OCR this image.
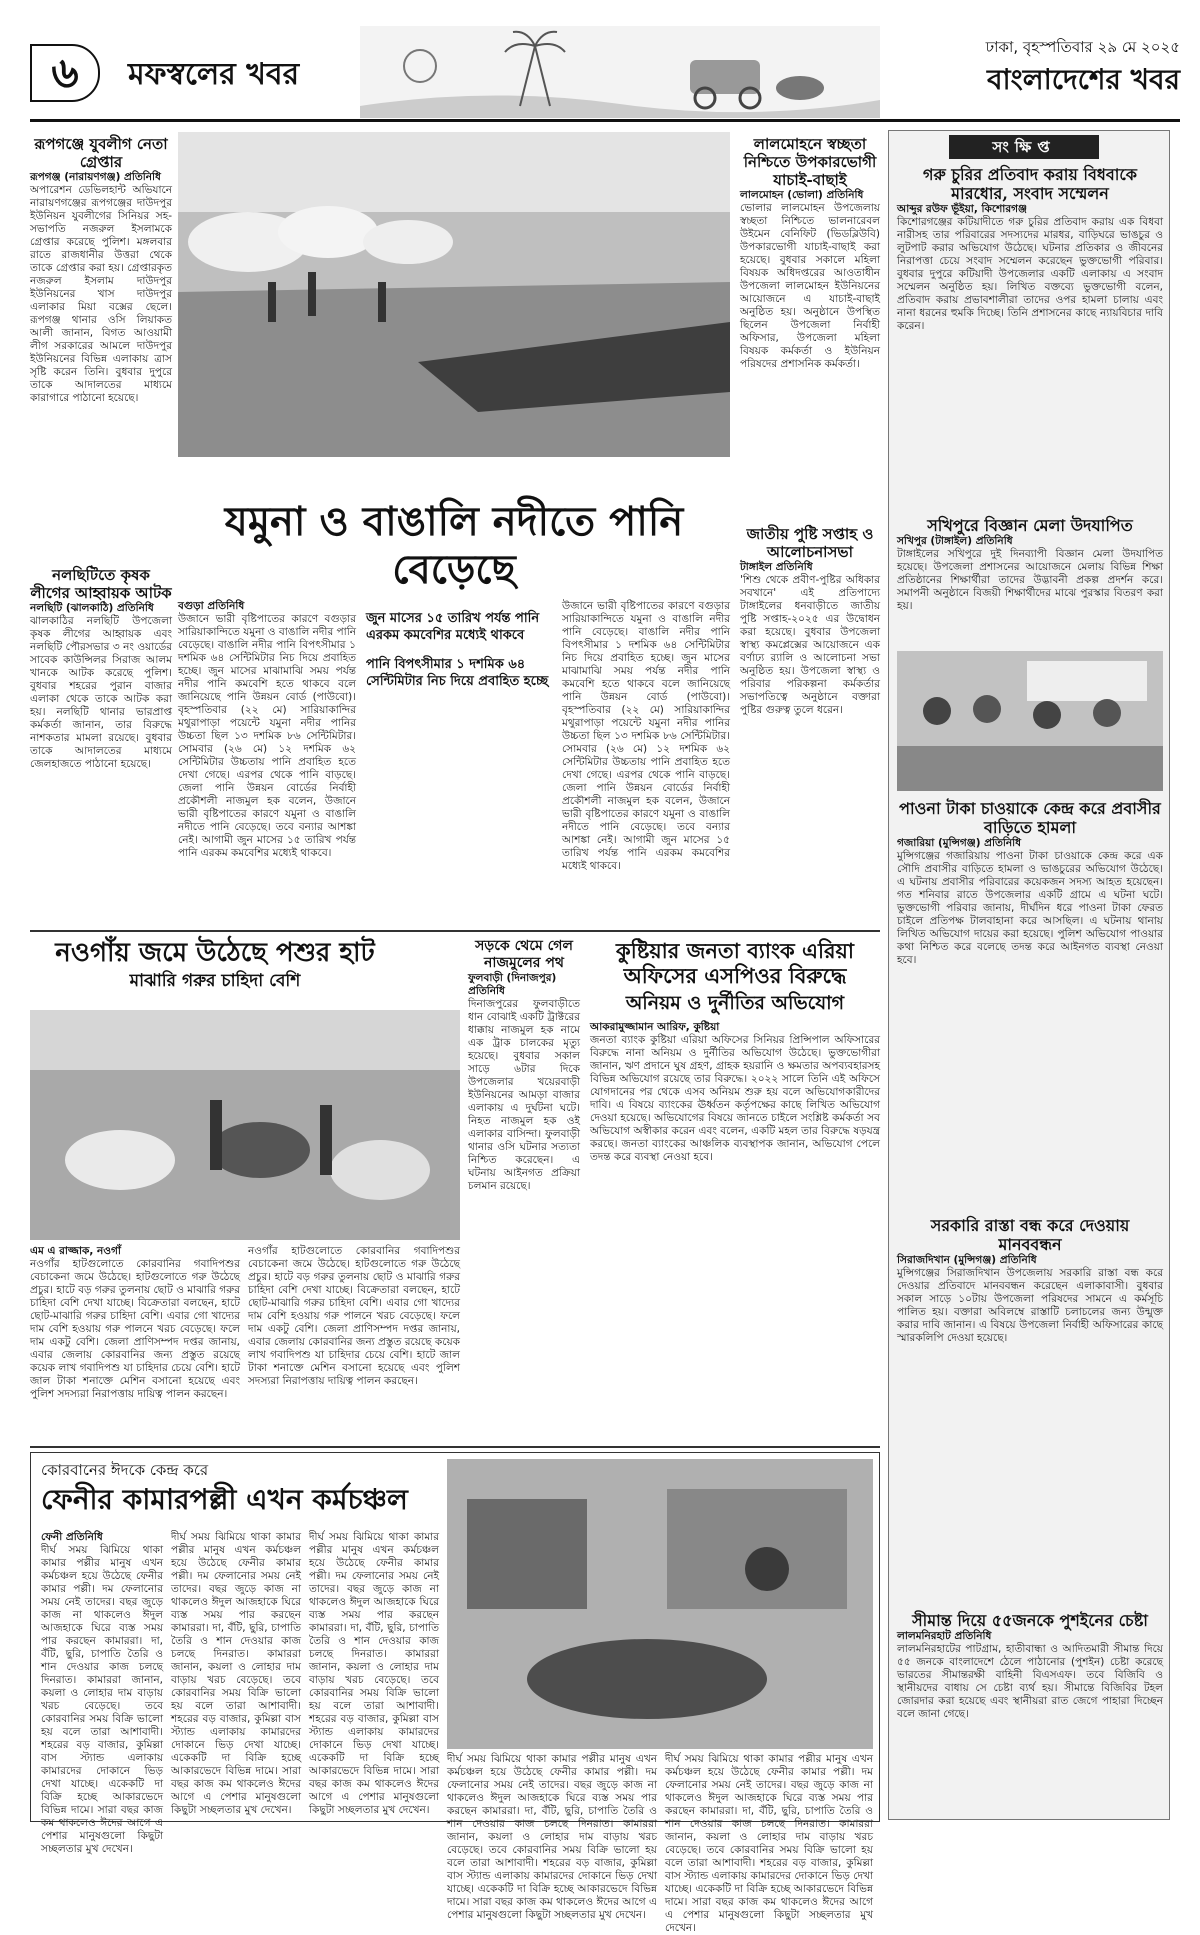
৬	মফস্বলের খবর
ঢাকা, বৃহস্পতিবার ২৯ মে ২০২৫
বাংলাদেশের খবর
রূপগঞ্জে যুবলীগ নেতা গ্রেপ্তার
রূপগঞ্জ (নারায়ণগঞ্জ) প্রতিনিধি
অপারেশন ডেভিলহান্ট অভিযানে নারায়ণগঞ্জের রূপগঞ্জের দাউদপুর ইউনিয়ন যুবলীগের সিনিয়র সহ-সভাপতি নজরুল ইসলামকে গ্রেপ্তার করেছে পুলিশ। মঙ্গলবার রাতে রাজধানীর উত্তরা থেকে তাকে গ্রেপ্তার করা হয়। গ্রেপ্তারকৃত নজরুল ইসলাম দাউদপুর ইউনিয়নের খাস দাউদপুর এলাকার মিয়া বক্সের ছেলে। রূপগঞ্জ থানার ওসি লিয়াকত আলী জানান, বিগত আওয়ামী লীগ সরকারের আমলে দাউদপুর ইউনিয়নের বিভিন্ন এলাকায় ত্রাস সৃষ্টি করেন তিনি। বুধবার দুপুরে তাকে আদালতের মাধ্যমে কারাগারে পাঠানো হয়েছে।
নলছিটিতে কৃষক লীগের আহ্বায়ক আটক
নলছিটি (ঝালকাঠি) প্রতিনিধি
ঝালকাঠির নলছিটি উপজেলা কৃষক লীগের আহ্বায়ক এবং নলছিটি পৌরসভার ৩ নং ওয়ার্ডের সাবেক কাউন্সিলর সিরাজ আলম খানকে আটক করেছে পুলিশ। বুধবার শহরের পুরান বাজার এলাকা থেকে তাকে আটক করা হয়। নলছিটি থানার ভারপ্রাপ্ত কর্মকর্তা জানান, তার বিরুদ্ধে নাশকতার মামলা রয়েছে। বুধবার তাকে আদালতের মাধ্যমে জেলহাজতে পাঠানো হয়েছে।
যমুনা ও বাঙালি নদীতে পানি বেড়েছে
বগুড়া প্রতিনিধি
উজানে ভারী বৃষ্টিপাতের কারণে বগুড়ার সারিয়াকান্দিতে যমুনা ও বাঙালি নদীর পানি বেড়েছে। বাঙালি নদীর পানি বিপৎসীমার ১ দশমিক ৬৪ সেন্টিমিটার নিচ দিয়ে প্রবাহিত হচ্ছে। জুন মাসের মাঝামাঝি সময় পর্যন্ত নদীর পানি কমবেশি হতে থাকবে বলে জানিয়েছে পানি উন্নয়ন বোর্ড (পাউবো)। বৃহস্পতিবার (২২ মে) সারিয়াকান্দির মথুরাপাড়া পয়েন্টে যমুনা নদীর পানির উচ্চতা ছিল ১৩ দশমিক ৮৬ সেন্টিমিটার। সোমবার (২৬ মে) ১২ দশমিক ৬২ সেন্টিমিটার উচ্চতায় পানি প্রবাহিত হতে দেখা গেছে। এরপর থেকে পানি বাড়ছে। জেলা পানি উন্নয়ন বোর্ডের নির্বাহী প্রকৌশলী নাজমুল হক বলেন, উজানে ভারী বৃষ্টিপাতের কারণে যমুনা ও বাঙালি নদীতে পানি বেড়েছে। তবে বন্যার আশঙ্কা নেই। আগামী জুন মাসের ১৫ তারিখ পর্যন্ত পানি এরকম কমবেশির মধ্যেই থাকবে।
জুন মাসের ১৫ তারিখ পর্যন্ত পানি এরকম কমবেশির মধ্যেই থাকবে
পানি বিপৎসীমার ১ দশমিক ৬৪ সেন্টিমিটার নিচ দিয়ে প্রবাহিত হচ্ছে
উজানে ভারী বৃষ্টিপাতের কারণে বগুড়ার সারিয়াকান্দিতে যমুনা ও বাঙালি নদীর পানি বেড়েছে। বাঙালি নদীর পানি বিপৎসীমার ১ দশমিক ৬৪ সেন্টিমিটার নিচ দিয়ে প্রবাহিত হচ্ছে। জুন মাসের মাঝামাঝি সময় পর্যন্ত নদীর পানি কমবেশি হতে থাকবে বলে জানিয়েছে পানি উন্নয়ন বোর্ড (পাউবো)। বৃহস্পতিবার (২২ মে) সারিয়াকান্দির মথুরাপাড়া পয়েন্টে যমুনা নদীর পানির উচ্চতা ছিল ১৩ দশমিক ৮৬ সেন্টিমিটার। সোমবার (২৬ মে) ১২ দশমিক ৬২ সেন্টিমিটার উচ্চতায় পানি প্রবাহিত হতে দেখা গেছে। এরপর থেকে পানি বাড়ছে। জেলা পানি উন্নয়ন বোর্ডের নির্বাহী প্রকৌশলী নাজমুল হক বলেন, উজানে ভারী বৃষ্টিপাতের কারণে যমুনা ও বাঙালি নদীতে পানি বেড়েছে। তবে বন্যার আশঙ্কা নেই। আগামী জুন মাসের ১৫ তারিখ পর্যন্ত পানি এরকম কমবেশির মধ্যেই থাকবে।
লালমোহনে স্বচ্ছতা নিশ্চিতে উপকারভোগী যাচাই-বাছাই
লালমোহন (ভোলা) প্রতিনিধি
ভোলার লালমোহন উপজেলায় স্বচ্ছতা নিশ্চিতে ভালনারেবল উইমেন বেনিফিট (ভিডব্লিউবি) উপকারভোগী যাচাই-বাছাই করা হয়েছে। বুধবার সকালে মহিলা বিষয়ক অধিদপ্তরের আওতাধীন উপজেলা লালমোহন ইউনিয়নের আয়োজনে এ যাচাই-বাছাই অনুষ্ঠিত হয়। অনুষ্ঠানে উপস্থিত ছিলেন উপজেলা নির্বাহী অফিসার, উপজেলা মহিলা বিষয়ক কর্মকর্তা ও ইউনিয়ন পরিষদের প্রশাসনিক কর্মকর্তা।
জাতীয় পুষ্টি সপ্তাহ ও আলোচনাসভা
টাঙ্গাইল প্রতিনিধি
'শিশু থেকে প্রবীণ-পুষ্টির অধিকার সবখানে' এই প্রতিপাদ্যে টাঙ্গাইলের ধনবাড়ীতে জাতীয় পুষ্টি সপ্তাহ-২০২৫ এর উদ্বোধন করা হয়েছে। বুধবার উপজেলা স্বাস্থ্য কমপ্লেক্সের আয়োজনে এক বর্ণাঢ্য র‍্যালি ও আলোচনা সভা অনুষ্ঠিত হয়। উপজেলা স্বাস্থ্য ও পরিবার পরিকল্পনা কর্মকর্তার সভাপতিত্বে অনুষ্ঠানে বক্তারা পুষ্টির গুরুত্ব তুলে ধরেন।
নওগাঁয় জমে উঠেছে পশুর হাট
মাঝারি গরুর চাহিদা বেশি
এম এ রাজ্জাক, নওগাঁ
নওগাঁর হাটগুলোতে কোরবানির গবাদিপশুর বেচাকেনা জমে উঠেছে। হাটগুলোতে গরু উঠেছে প্রচুর। হাটে বড় গরুর তুলনায় ছোট ও মাঝারি গরুর চাহিদা বেশি দেখা যাচ্ছে। বিক্রেতারা বলছেন, হাটে ছোট-মাঝারি গরুর চাহিদা বেশি। এবার গো খাদ্যের দাম বেশি হওয়ায় গরু পালনে খরচ বেড়েছে। ফলে দাম একটু বেশি। জেলা প্রাণিসম্পদ দপ্তর জানায়, এবার জেলায় কোরবানির জন্য প্রস্তুত রয়েছে কয়েক লাখ গবাদিপশু যা চাহিদার চেয়ে বেশি। হাটে জাল টাকা শনাক্তে মেশিন বসানো হয়েছে এবং পুলিশ সদস্যরা নিরাপত্তায় দায়িত্ব পালন করছেন।
নওগাঁর হাটগুলোতে কোরবানির গবাদিপশুর বেচাকেনা জমে উঠেছে। হাটগুলোতে গরু উঠেছে প্রচুর। হাটে বড় গরুর তুলনায় ছোট ও মাঝারি গরুর চাহিদা বেশি দেখা যাচ্ছে। বিক্রেতারা বলছেন, হাটে ছোট-মাঝারি গরুর চাহিদা বেশি। এবার গো খাদ্যের দাম বেশি হওয়ায় গরু পালনে খরচ বেড়েছে। ফলে দাম একটু বেশি। জেলা প্রাণিসম্পদ দপ্তর জানায়, এবার জেলায় কোরবানির জন্য প্রস্তুত রয়েছে কয়েক লাখ গবাদিপশু যা চাহিদার চেয়ে বেশি। হাটে জাল টাকা শনাক্তে মেশিন বসানো হয়েছে এবং পুলিশ সদস্যরা নিরাপত্তায় দায়িত্ব পালন করছেন।
সড়কে থেমে গেল নাজমুলের পথ
ফুলবাড়ী (দিনাজপুর) প্রতিনিধি
দিনাজপুরের ফুলবাড়ীতে ধান বোঝাই একটি ট্রাক্টরের ধাক্কায় নাজমুল হক নামে এক ট্রাক চালকের মৃত্যু হয়েছে। বুধবার সকাল সাড়ে ৬টার দিকে উপজেলার খয়েরবাড়ী ইউনিয়নের আমড়া বাজার এলাকায় এ দুর্ঘটনা ঘটে। নিহত নাজমুল হক ওই এলাকার বাসিন্দা। ফুলবাড়ী থানার ওসি ঘটনার সত্যতা নিশ্চিত করেছেন। এ ঘটনায় আইনগত প্রক্রিয়া চলমান রয়েছে।
কুষ্টিয়ার জনতা ব্যাংক এরিয়া অফিসের এসপিওর বিরুদ্ধে
অনিয়ম ও দুর্নীতির অভিযোগ
আকরামুজ্জামান আরিফ, কুষ্টিয়া
জনতা ব্যাংক কুষ্টিয়া এরিয়া অফিসের সিনিয়র প্রিন্সিপাল অফিসারের বিরুদ্ধে নানা অনিয়ম ও দুর্নীতির অভিযোগ উঠেছে। ভুক্তভোগীরা জানান, ঋণ প্রদানে ঘুষ গ্রহণ, গ্রাহক হয়রানি ও ক্ষমতার অপব্যবহারসহ বিভিন্ন অভিযোগ রয়েছে তার বিরুদ্ধে। ২০২২ সালে তিনি এই অফিসে যোগদানের পর থেকে এসব অনিয়ম শুরু হয় বলে অভিযোগকারীদের দাবি। এ বিষয়ে ব্যাংকের ঊর্ধ্বতন কর্তৃপক্ষের কাছে লিখিত অভিযোগ দেওয়া হয়েছে। অভিযোগের বিষয়ে জানতে চাইলে সংশ্লিষ্ট কর্মকর্তা সব অভিযোগ অস্বীকার করেন এবং বলেন, একটি মহল তার বিরুদ্ধে ষড়যন্ত্র করছে। জনতা ব্যাংকের আঞ্চলিক ব্যবস্থাপক জানান, অভিযোগ পেলে তদন্ত করে ব্যবস্থা নেওয়া হবে।
কোরবানের ঈদকে কেন্দ্র করে
ফেনীর কামারপল্লী এখন কর্মচঞ্চল
ফেনী প্রতিনিধি
দীর্ঘ সময় ঝিমিয়ে থাকা কামার পল্লীর মানুষ এখন কর্মচঞ্চল হয়ে উঠেছে ফেনীর কামার পল্লী। দম ফেলানোর সময় নেই তাদের। বছর জুড়ে কাজ না থাকলেও ঈদুল আজহাকে ঘিরে ব্যস্ত সময় পার করছেন কামাররা। দা, বঁটি, ছুরি, চাপাতি তৈরি ও শান দেওয়ার কাজ চলছে দিনরাত। কামাররা জানান, কয়লা ও লোহার দাম বাড়ায় খরচ বেড়েছে। তবে কোরবানির সময় বিক্রি ভালো হয় বলে তারা আশাবাদী। শহরের বড় বাজার, কুমিল্লা বাস স্ট্যান্ড এলাকায় কামারদের দোকানে ভিড় দেখা যাচ্ছে। একেকটি দা বিক্রি হচ্ছে আকারভেদে বিভিন্ন দামে। সারা বছর কাজ কম থাকলেও ঈদের আগে এ পেশার মানুষগুলো কিছুটা সচ্ছলতার মুখ দেখেন।
দীর্ঘ সময় ঝিমিয়ে থাকা কামার পল্লীর মানুষ এখন কর্মচঞ্চল হয়ে উঠেছে ফেনীর কামার পল্লী। দম ফেলানোর সময় নেই তাদের। বছর জুড়ে কাজ না থাকলেও ঈদুল আজহাকে ঘিরে ব্যস্ত সময় পার করছেন কামাররা। দা, বঁটি, ছুরি, চাপাতি তৈরি ও শান দেওয়ার কাজ চলছে দিনরাত। কামাররা জানান, কয়লা ও লোহার দাম বাড়ায় খরচ বেড়েছে। তবে কোরবানির সময় বিক্রি ভালো হয় বলে তারা আশাবাদী। শহরের বড় বাজার, কুমিল্লা বাস স্ট্যান্ড এলাকায় কামারদের দোকানে ভিড় দেখা যাচ্ছে। একেকটি দা বিক্রি হচ্ছে আকারভেদে বিভিন্ন দামে। সারা বছর কাজ কম থাকলেও ঈদের আগে এ পেশার মানুষগুলো কিছুটা সচ্ছলতার মুখ দেখেন।
দীর্ঘ সময় ঝিমিয়ে থাকা কামার পল্লীর মানুষ এখন কর্মচঞ্চল হয়ে উঠেছে ফেনীর কামার পল্লী। দম ফেলানোর সময় নেই তাদের। বছর জুড়ে কাজ না থাকলেও ঈদুল আজহাকে ঘিরে ব্যস্ত সময় পার করছেন কামাররা। দা, বঁটি, ছুরি, চাপাতি তৈরি ও শান দেওয়ার কাজ চলছে দিনরাত। কামাররা জানান, কয়লা ও লোহার দাম বাড়ায় খরচ বেড়েছে। তবে কোরবানির সময় বিক্রি ভালো হয় বলে তারা আশাবাদী। শহরের বড় বাজার, কুমিল্লা বাস স্ট্যান্ড এলাকায় কামারদের দোকানে ভিড় দেখা যাচ্ছে। একেকটি দা বিক্রি হচ্ছে আকারভেদে বিভিন্ন দামে। সারা বছর কাজ কম থাকলেও ঈদের আগে এ পেশার মানুষগুলো কিছুটা সচ্ছলতার মুখ দেখেন।
দীর্ঘ সময় ঝিমিয়ে থাকা কামার পল্লীর মানুষ এখন কর্মচঞ্চল হয়ে উঠেছে ফেনীর কামার পল্লী। দম ফেলানোর সময় নেই তাদের। বছর জুড়ে কাজ না থাকলেও ঈদুল আজহাকে ঘিরে ব্যস্ত সময় পার করছেন কামাররা। দা, বঁটি, ছুরি, চাপাতি তৈরি ও শান দেওয়ার কাজ চলছে দিনরাত। কামাররা জানান, কয়লা ও লোহার দাম বাড়ায় খরচ বেড়েছে। তবে কোরবানির সময় বিক্রি ভালো হয় বলে তারা আশাবাদী। শহরের বড় বাজার, কুমিল্লা বাস স্ট্যান্ড এলাকায় কামারদের দোকানে ভিড় দেখা যাচ্ছে। একেকটি দা বিক্রি হচ্ছে আকারভেদে বিভিন্ন দামে। সারা বছর কাজ কম থাকলেও ঈদের আগে এ পেশার মানুষগুলো কিছুটা সচ্ছলতার মুখ দেখেন।
দীর্ঘ সময় ঝিমিয়ে থাকা কামার পল্লীর মানুষ এখন কর্মচঞ্চল হয়ে উঠেছে ফেনীর কামার পল্লী। দম ফেলানোর সময় নেই তাদের। বছর জুড়ে কাজ না থাকলেও ঈদুল আজহাকে ঘিরে ব্যস্ত সময় পার করছেন কামাররা। দা, বঁটি, ছুরি, চাপাতি তৈরি ও শান দেওয়ার কাজ চলছে দিনরাত। কামাররা জানান, কয়লা ও লোহার দাম বাড়ায় খরচ বেড়েছে। তবে কোরবানির সময় বিক্রি ভালো হয় বলে তারা আশাবাদী। শহরের বড় বাজার, কুমিল্লা বাস স্ট্যান্ড এলাকায় কামারদের দোকানে ভিড় দেখা যাচ্ছে। একেকটি দা বিক্রি হচ্ছে আকারভেদে বিভিন্ন দামে। সারা বছর কাজ কম থাকলেও ঈদের আগে এ পেশার মানুষগুলো কিছুটা সচ্ছলতার মুখ দেখেন।
সংক্ষিপ্ত
গরু চুরির প্রতিবাদ করায় বিধবাকে মারধোর, সংবাদ সম্মেলন
আব্দুর রউফ ভূঁইয়া, কিশোরগঞ্জ
কিশোরগঞ্জের কটিয়াদীতে গরু চুরির প্রতিবাদ করায় এক বিধবা নারীসহ তার পরিবারের সদস্যদের মারধর, বাড়িঘরে ভাঙচুর ও লুটপাট করার অভিযোগ উঠেছে। ঘটনার প্রতিকার ও জীবনের নিরাপত্তা চেয়ে সংবাদ সম্মেলন করেছেন ভুক্তভোগী পরিবার। বুধবার দুপুরে কটিয়াদী উপজেলার একটি এলাকায় এ সংবাদ সম্মেলন অনুষ্ঠিত হয়। লিখিত বক্তব্যে ভুক্তভোগী বলেন, প্রতিবাদ করায় প্রভাবশালীরা তাদের ওপর হামলা চালায় এবং নানা ধরনের হুমকি দিচ্ছে। তিনি প্রশাসনের কাছে ন্যায়বিচার দাবি করেন।
সখিপুরে বিজ্ঞান মেলা উদযাপিত
সখিপুর (টাঙ্গাইল) প্রতিনিধি
টাঙ্গাইলের সখিপুরে দুই দিনব্যাপী বিজ্ঞান মেলা উদযাপিত হয়েছে। উপজেলা প্রশাসনের আয়োজনে মেলায় বিভিন্ন শিক্ষা প্রতিষ্ঠানের শিক্ষার্থীরা তাদের উদ্ভাবনী প্রকল্প প্রদর্শন করে। সমাপনী অনুষ্ঠানে বিজয়ী শিক্ষার্থীদের মাঝে পুরস্কার বিতরণ করা হয়।
পাওনা টাকা চাওয়াকে কেন্দ্র করে প্রবাসীর বাড়িতে হামলা
গজারিয়া (মুন্সিগঞ্জ) প্রতিনিধি
মুন্সিগঞ্জের গজারিয়ায় পাওনা টাকা চাওয়াকে কেন্দ্র করে এক সৌদি প্রবাসীর বাড়িতে হামলা ও ভাঙচুরের অভিযোগ উঠেছে। এ ঘটনায় প্রবাসীর পরিবারের কয়েকজন সদস্য আহত হয়েছেন। গত শনিবার রাতে উপজেলার একটি গ্রামে এ ঘটনা ঘটে। ভুক্তভোগী পরিবার জানায়, দীর্ঘদিন ধরে পাওনা টাকা ফেরত চাইলে প্রতিপক্ষ টালবাহানা করে আসছিল। এ ঘটনায় থানায় লিখিত অভিযোগ দায়ের করা হয়েছে। পুলিশ অভিযোগ পাওয়ার কথা নিশ্চিত করে বলেছে তদন্ত করে আইনগত ব্যবস্থা নেওয়া হবে।
সরকারি রাস্তা বন্ধ করে দেওয়ায় মানববন্ধন
সিরাজদিখান (মুন্সিগঞ্জ) প্রতিনিধি
মুন্সিগঞ্জের সিরাজদিখান উপজেলায় সরকারি রাস্তা বন্ধ করে দেওয়ার প্রতিবাদে মানববন্ধন করেছেন এলাকাবাসী। বুধবার সকাল সাড়ে ১০টায় উপজেলা পরিষদের সামনে এ কর্মসূচি পালিত হয়। বক্তারা অবিলম্বে রাস্তাটি চলাচলের জন্য উন্মুক্ত করার দাবি জানান। এ বিষয়ে উপজেলা নির্বাহী অফিসারের কাছে স্মারকলিপি দেওয়া হয়েছে।
সীমান্ত দিয়ে ৫৫জনকে পুশইনের চেষ্টা
লালমনিরহাট প্রতিনিধি
লালমনিরহাটের পাটগ্রাম, হাতীবান্ধা ও আদিতমারী সীমান্ত দিয়ে ৫৫ জনকে বাংলাদেশে ঠেলে পাঠানোর (পুশইন) চেষ্টা করেছে ভারতের সীমান্তরক্ষী বাহিনী বিএসএফ। তবে বিজিবি ও স্থানীয়দের বাধায় সে চেষ্টা ব্যর্থ হয়। সীমান্তে বিজিবির টহল জোরদার করা হয়েছে এবং স্থানীয়রা রাত জেগে পাহারা দিচ্ছেন বলে জানা গেছে।
